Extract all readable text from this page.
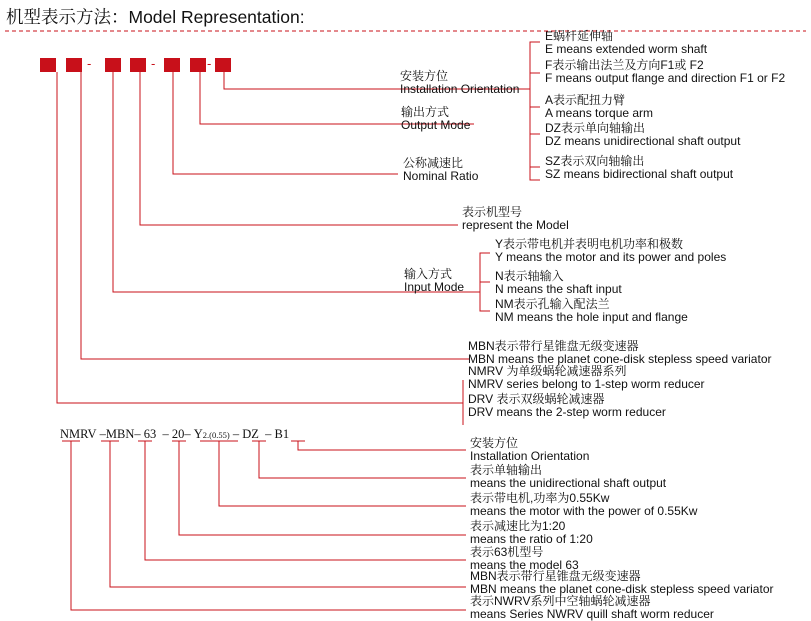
机型表示方法：Model Representation:
-	-	-
E蜗杆延伸轴
E means extended worm shaft
F表示输出法兰及方向F1或 F2
F means output flange and direction F1 or F2
A表示配扭力臂
A means torque arm
DZ表示单向轴输出
DZ means unidirectional shaft output
SZ表示双向轴输出
SZ means bidirectional shaft output
安装方位
Installation Orientation
输出方式
Output Mode
公称减速比
Nominal Ratio
表示机型号
represent the Model
输入方式
Input Mode
Y表示带电机并表明电机功率和极数
Y means the motor and its power and poles
N表示轴输入
N means the shaft input
NM表示孔输入配法兰
NM means the hole input and flange
MBN表示带行星锥盘无级变速器
MBN means the planet cone-disk stepless speed variator
NMRV 为单级蜗轮减速器系列
NMRV series belong to 1-step worm reducer
DRV 表示双级蜗轮减速器
DRV means the 2-step worm reducer
NMRV –MBN– 63  – 20– Y2.(0.55) – DZ  – B1
安装方位
Installation Orientation
表示单轴输出
means the unidirectional shaft output
表示带电机,功率为0.55Kw
means the motor with the power of 0.55Kw
表示减速比为1:20
means the ratio of 1:20
表示63机型号
means the model 63
MBN表示带行星锥盘无级变速器
MBN means the planet cone-disk stepless speed variator
表示NWRV系列中空轴蜗轮减速器
means Series NWRV quill shaft worm reducer
